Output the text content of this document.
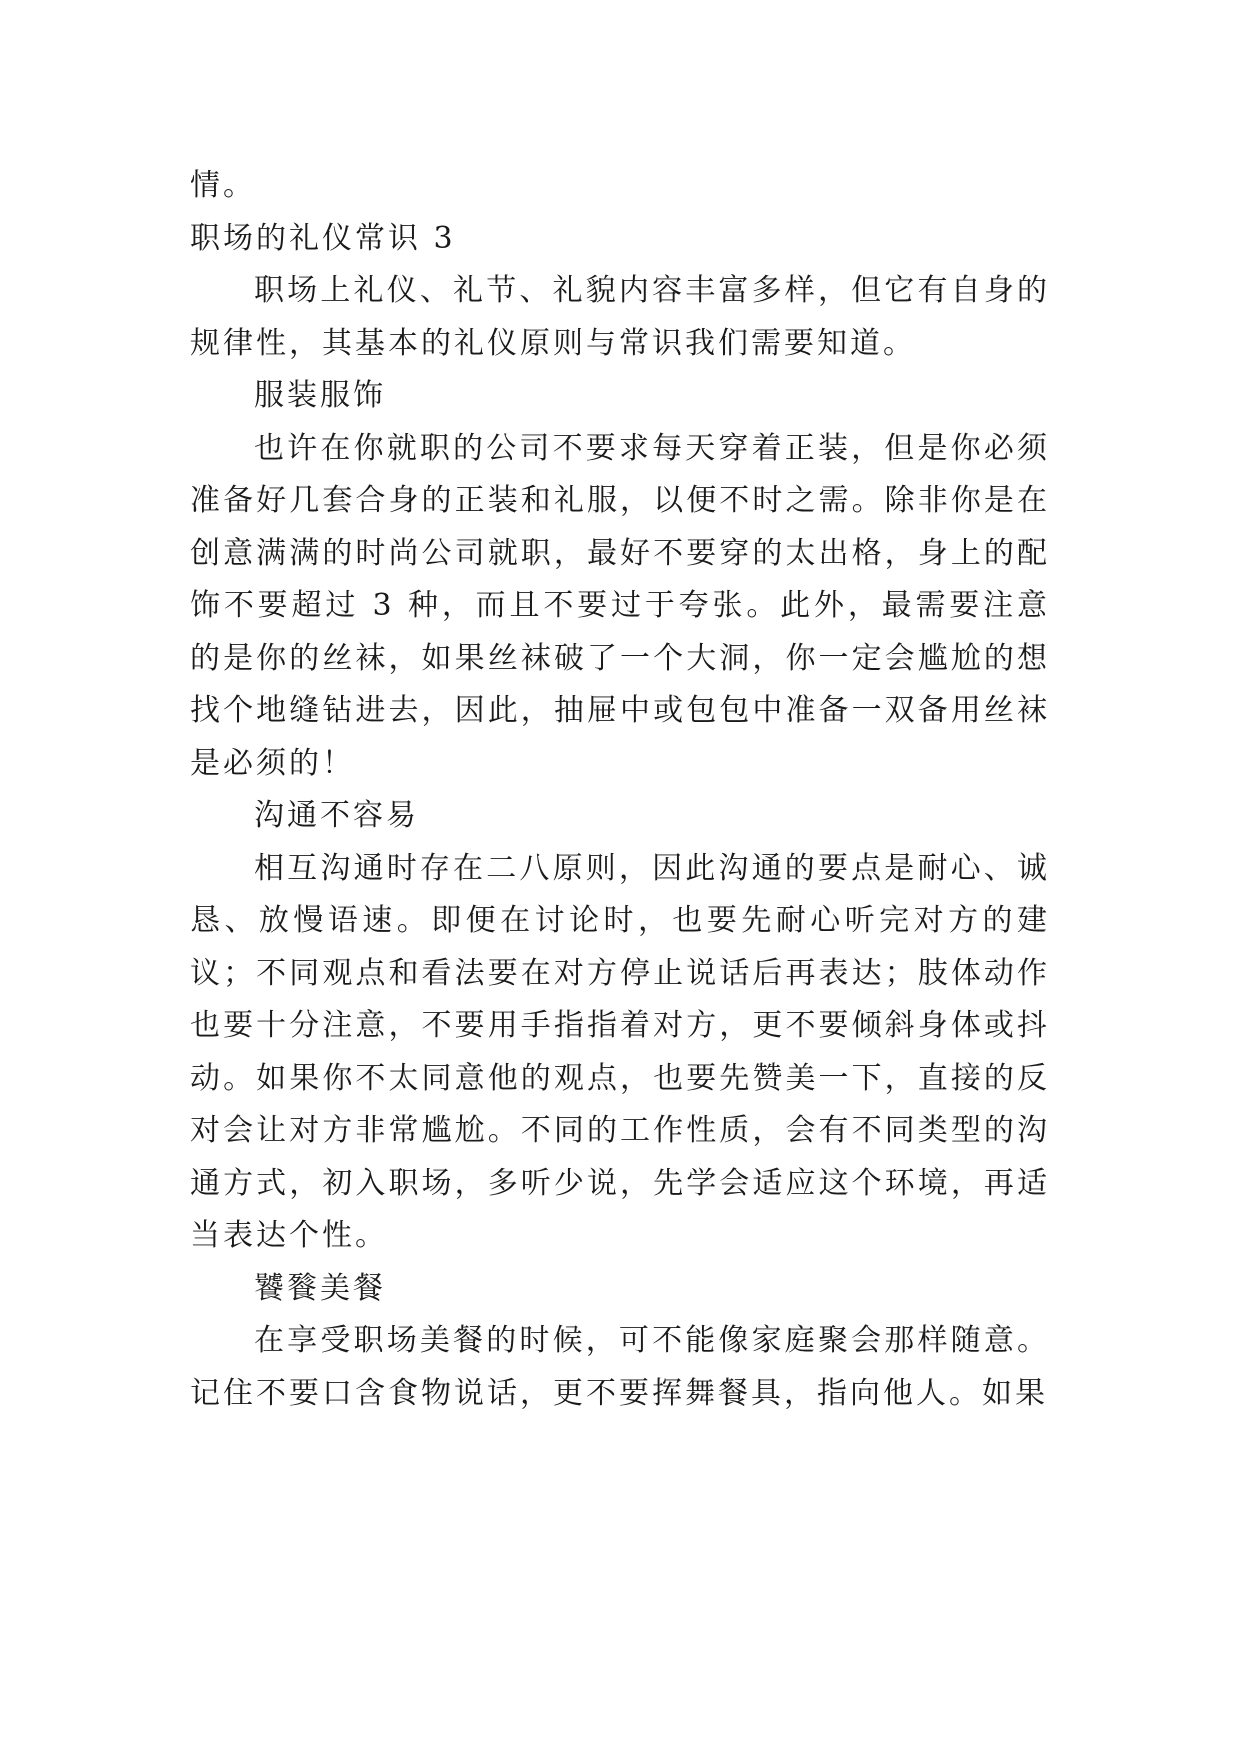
情。

职场的礼仪常识 3

职场上礼仪、礼节、礼貌内容丰富多样，但它有自身的规律性，其基本的礼仪原则与常识我们需要知道。

服装服饰

也许在你就职的公司不要求每天穿着正装，但是你必须准备好几套合身的正装和礼服，以便不时之需。除非你是在创意满满的时尚公司就职，最好不要穿的太出格，身上的配饰不要超过 3 种，而且不要过于夸张。此外，最需要注意的是你的丝袜，如果丝袜破了一个大洞，你一定会尴尬的想找个地缝钻进去，因此，抽屉中或包包中准备一双备用丝袜是必须的！

沟通不容易

相互沟通时存在二八原则，因此沟通的要点是耐心、诚恳、放慢语速。即便在讨论时，也要先耐心听完对方的建议；不同观点和看法要在对方停止说话后再表达；肢体动作也要十分注意，不要用手指指着对方，更不要倾斜身体或抖动。如果你不太同意他的观点，也要先赞美一下，直接的反对会让对方非常尴尬。不同的工作性质，会有不同类型的沟通方式，初入职场，多听少说，先学会适应这个环境，再适当表达个性。

饕餮美餐

在享受职场美餐的时候，可不能像家庭聚会那样随意。记住不要口含食物说话，更不要挥舞餐具，指向他人。如果
